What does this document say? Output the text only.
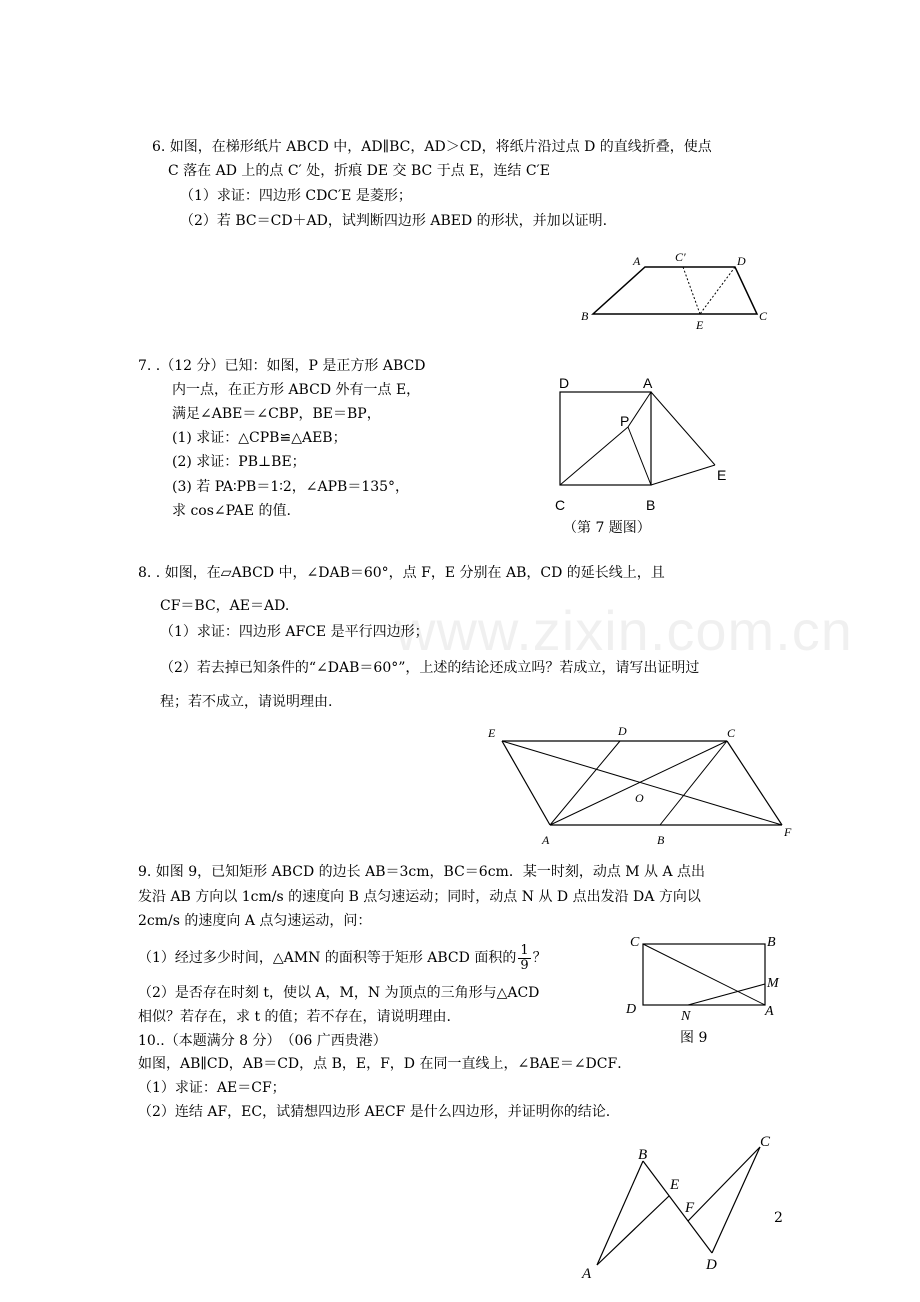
www.zixin.com.cn
6. 如图，在梯形纸片 ABCD 中，AD∥BC，AD＞CD，将纸片沿过点 D 的直线折叠，使点
C 落在 AD 上的点 C′ 处，折痕 DE 交 BC 于点 E，连结 C′E
（1）求证：四边形 CDC′E 是菱形；
（2）若 BC＝CD＋AD，试判断四边形 ABED 的形状，并加以证明.
A	C′	D
B
E
C
7. .（12 分）已知：如图，P 是正方形 ABCD
内一点，在正方形 ABCD 外有一点 E，
满足∠ABE＝∠CBP，BE＝BP，
(1) 求证：△CPB≌△AEB；
(2) 求证：PB⊥BE；
(3) 若 PA∶PB＝1∶2，∠APB＝135°，
求 cos∠PAE 的值.
D	A
P
E
C	B
（第 7 题图）
8. . 如图，在▱ABCD 中，∠DAB＝60°，点 F，E 分别在 AB，CD 的延长线上，且
CF＝BC，AE＝AD.
（1）求证：四边形 AFCE 是平行四边形；
（2）若去掉已知条件的“∠DAB＝60°”，上述的结论还成立吗？若成立，请写出证明过
程；若不成立，请说明理由.
E	D	C
O
A	B
F
9. 如图 9，已知矩形 ABCD 的边长 AB＝3cm，BC＝6cm．某一时刻，动点 M 从 A 点出
发沿 AB 方向以 1cm/s 的速度向 B 点匀速运动；同时，动点 N 从 D 点出发沿 DA 方向以
2cm/s 的速度向 A 点匀速运动，问：
（1）经过多少时间，△AMN 的面积等于矩形 ABCD 面积的 $\frac{1}{9}$ ？
（2）是否存在时刻 t，使以 A，M，N 为顶点的三角形与△ACD
相似？若存在，求 t 的值；若不存在，请说明理由.
C	B
M
D	N	A
图 9
10..（本题满分 8 分）　（06 广西贵港）
如图，AB∥CD，AB＝CD，点 B，E，F，D 在同一直线上，∠BAE＝∠DCF．
（1）求证：AE＝CF；
（2）连结 AF，EC，试猜想四边形 AECF 是什么四边形，并证明你的结论.
B
E
F
C
D
A
2
